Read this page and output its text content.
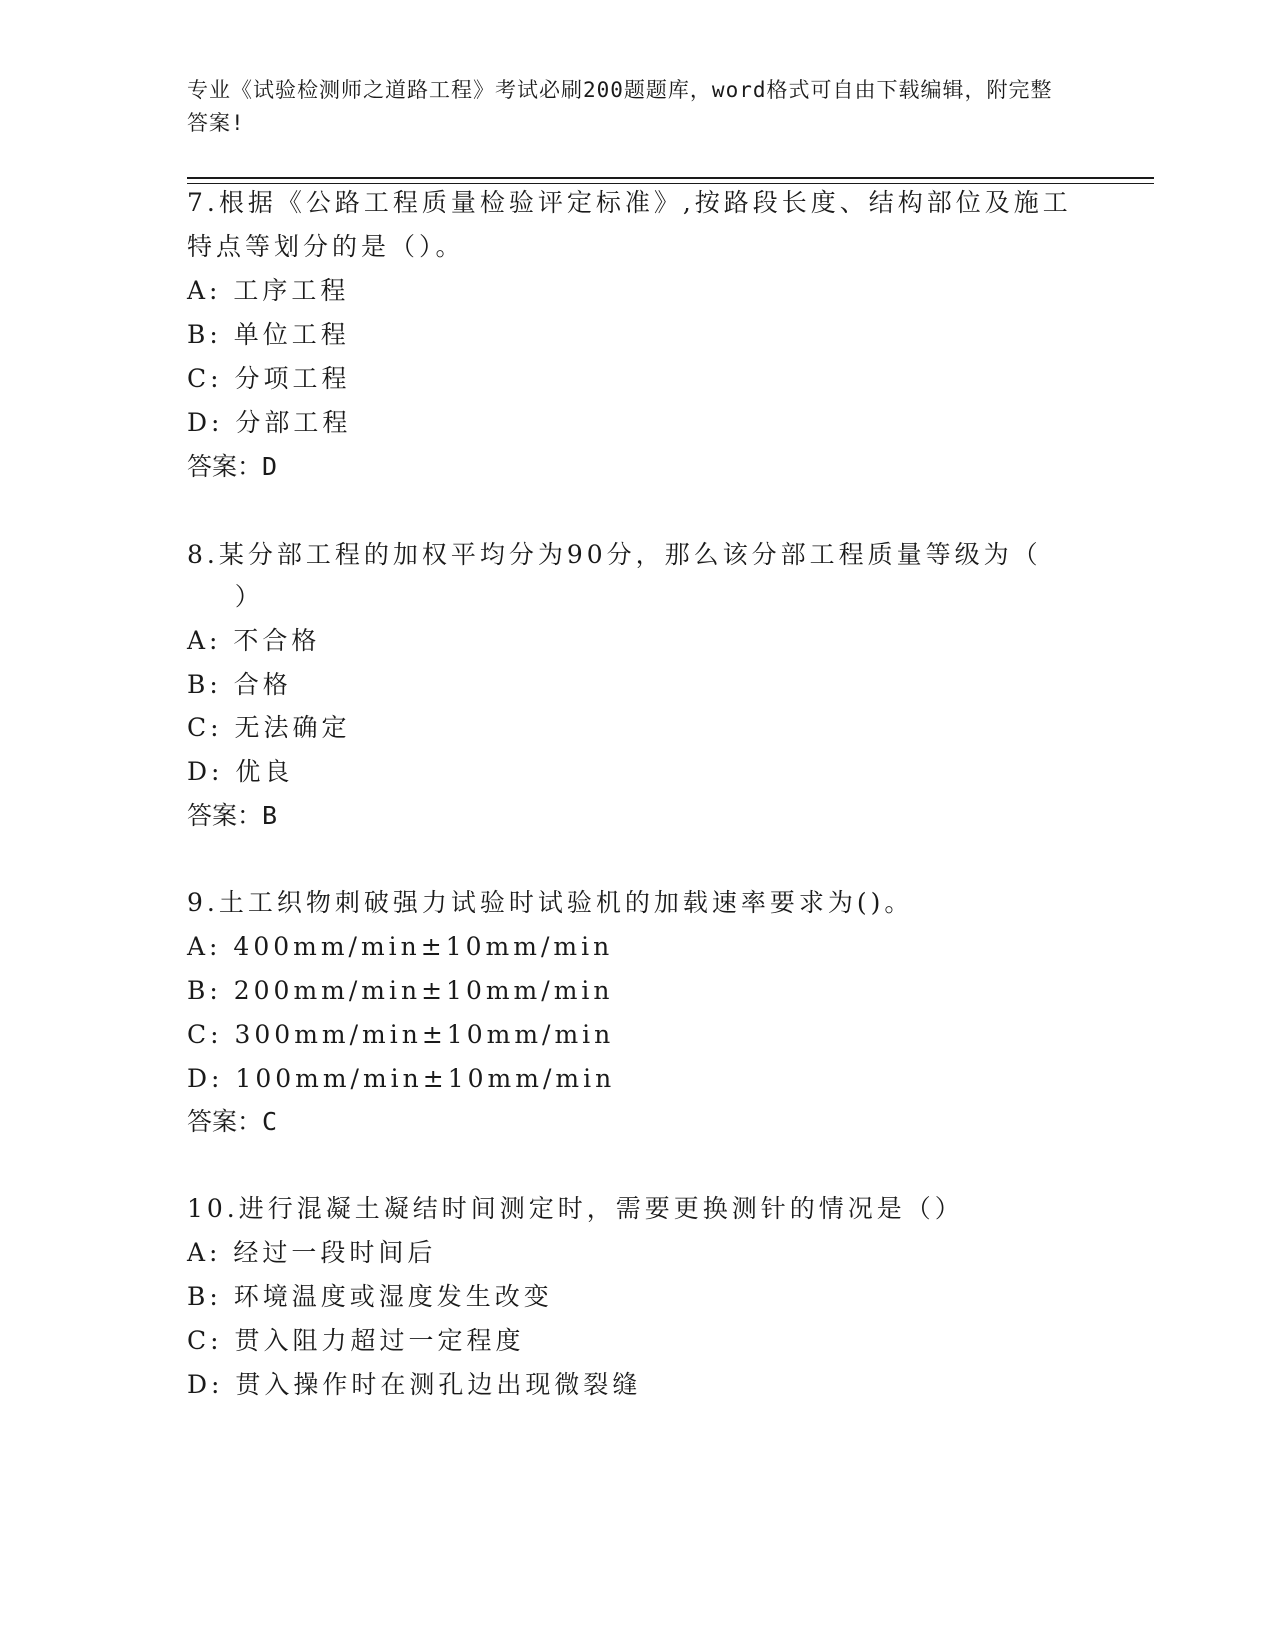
专业《试验检测师之道路工程》考试必刷200题题库，word格式可自由下载编辑，附完整答案!
7.根据《公路工程质量检验评定标准》,按路段长度、结构部位及施工
特点等划分的是（）。
A: 工序工程
B: 单位工程
C: 分项工程
D: 分部工程
答案：D
8.某分部工程的加权平均分为90分，那么该分部工程质量等级为（
）
A: 不合格
B: 合格
C: 无法确定
D: 优良
答案：B
9.土工织物刺破强力试验时试验机的加载速率要求为()。
A: 400mm/min±10mm/min
B: 200mm/min±10mm/min
C: 300mm/min±10mm/min
D: 100mm/min±10mm/min
答案：C
10.进行混凝土凝结时间测定时，需要更换测针的情况是（）
A: 经过一段时间后
B: 环境温度或湿度发生改变
C: 贯入阻力超过一定程度
D: 贯入操作时在测孔边出现微裂缝
